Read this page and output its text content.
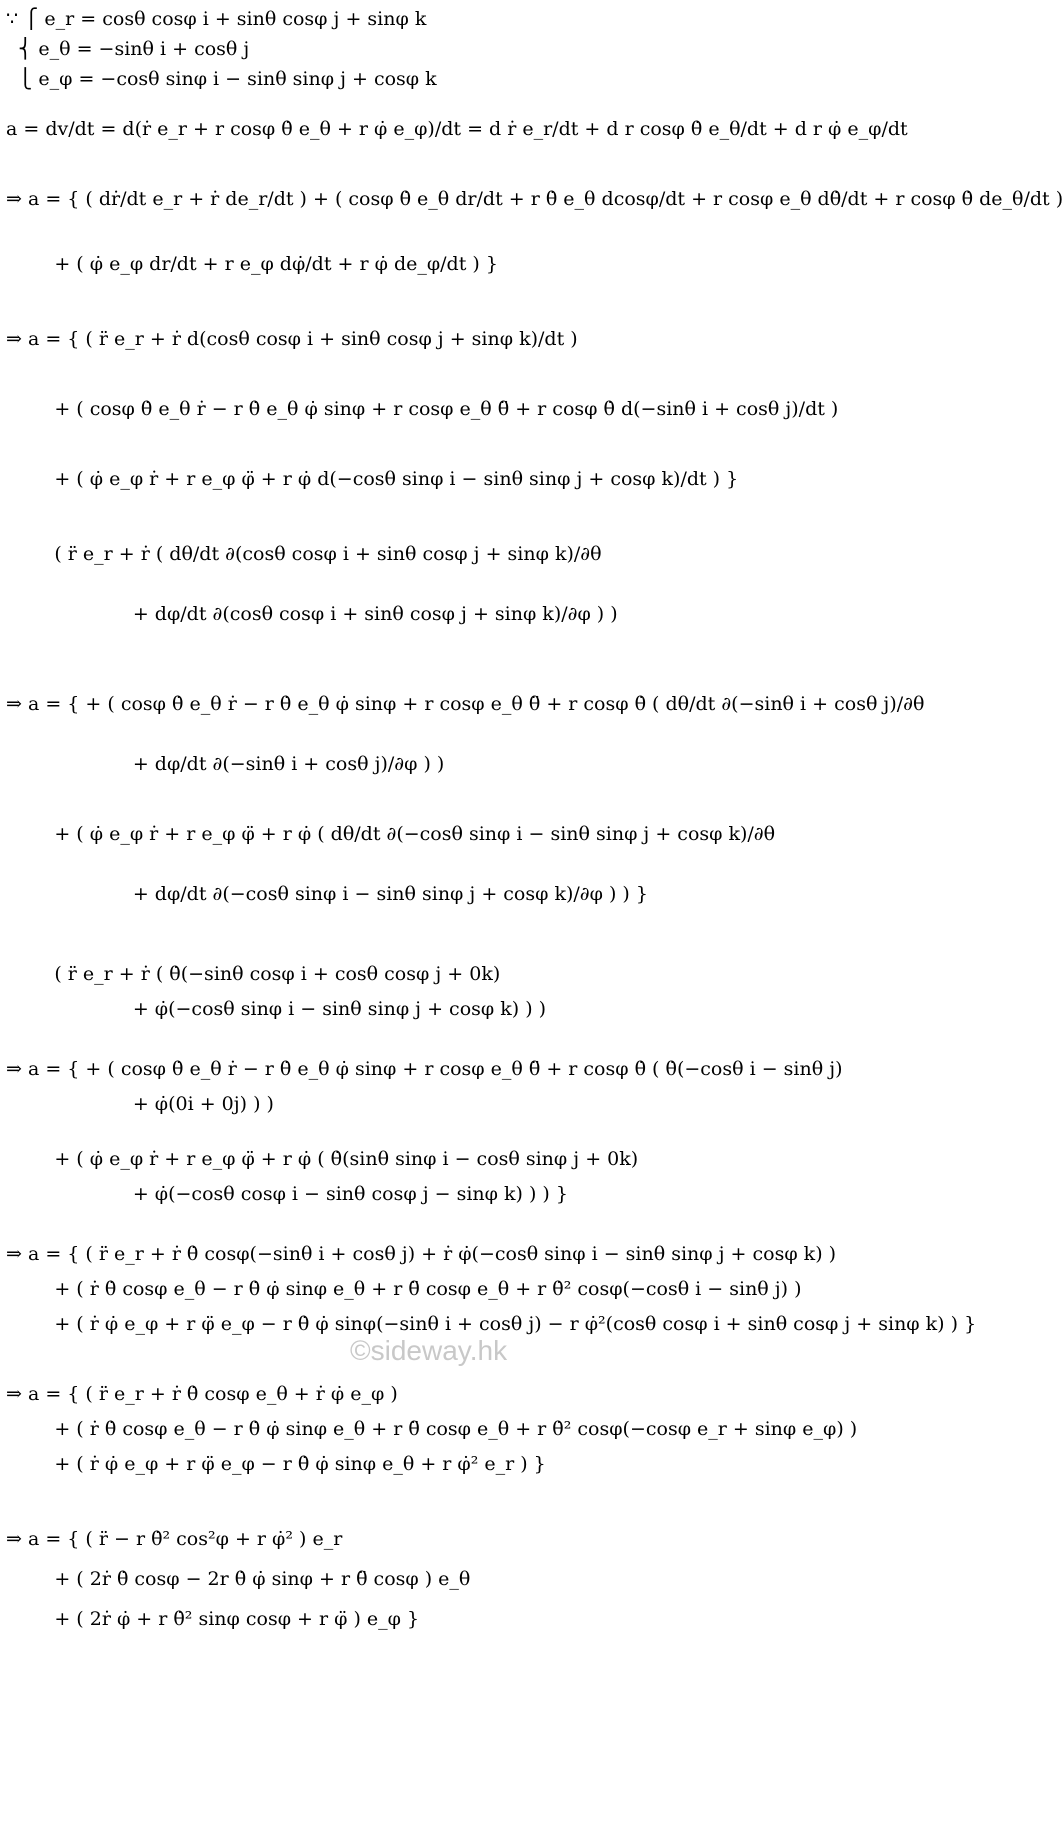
∵ ⎧ e_r = cosθ cosφ i + sinθ cosφ j + sinφ k
⎨ e_θ = −sinθ i + cosθ j
⎩ e_φ = −cosθ sinφ i − sinθ sinφ j + cosφ k
a = dv/dt = d(ṙ e_r + r cosφ θ̇ e_θ + r φ̇ e_φ)/dt = d ṙ e_r/dt + d r cosφ θ̇ e_θ/dt + d r φ̇ e_φ/dt
⇒ a = { ( dṙ/dt e_r + ṙ de_r/dt ) + ( cosφ θ̇ e_θ dr/dt + r θ̇ e_θ dcosφ/dt + r cosφ e_θ dθ̇/dt + r cosφ θ̇ de_θ/dt )
+ ( φ̇ e_φ dr/dt + r e_φ dφ̇/dt + r φ̇ de_φ/dt ) }
⇒ a = { ( r̈ e_r + ṙ d(cosθ cosφ i + sinθ cosφ j + sinφ k)/dt )
+ ( cosφ θ̇ e_θ ṙ − r θ̇ e_θ φ̇ sinφ + r cosφ e_θ θ̈ + r cosφ θ̇ d(−sinθ i + cosθ j)/dt )
+ ( φ̇ e_φ ṙ + r e_φ φ̈ + r φ̇ d(−cosθ sinφ i − sinθ sinφ j + cosφ k)/dt ) }
( r̈ e_r + ṙ ( dθ/dt ∂(cosθ cosφ i + sinθ cosφ j + sinφ k)/∂θ
+ dφ/dt ∂(cosθ cosφ i + sinθ cosφ j + sinφ k)/∂φ ) )
⇒ a = { + ( cosφ θ̇ e_θ ṙ − r θ̇ e_θ φ̇ sinφ + r cosφ e_θ θ̈ + r cosφ θ̇ ( dθ/dt ∂(−sinθ i + cosθ j)/∂θ
+ dφ/dt ∂(−sinθ i + cosθ j)/∂φ ) )
+ ( φ̇ e_φ ṙ + r e_φ φ̈ + r φ̇ ( dθ/dt ∂(−cosθ sinφ i − sinθ sinφ j + cosφ k)/∂θ
+ dφ/dt ∂(−cosθ sinφ i − sinθ sinφ j + cosφ k)/∂φ ) ) }
( r̈ e_r + ṙ ( θ̇(−sinθ cosφ i + cosθ cosφ j + 0k)
+ φ̇(−cosθ sinφ i − sinθ sinφ j + cosφ k) ) )
⇒ a = { + ( cosφ θ̇ e_θ ṙ − r θ̇ e_θ φ̇ sinφ + r cosφ e_θ θ̈ + r cosφ θ̇ ( θ̇(−cosθ i − sinθ j)
+ φ̇(0i + 0j) ) )
+ ( φ̇ e_φ ṙ + r e_φ φ̈ + r φ̇ ( θ̇(sinθ sinφ i − cosθ sinφ j + 0k)
+ φ̇(−cosθ cosφ i − sinθ cosφ j − sinφ k) ) ) }
⇒ a = { ( r̈ e_r + ṙ θ̇ cosφ(−sinθ i + cosθ j) + ṙ φ̇(−cosθ sinφ i − sinθ sinφ j + cosφ k) )
+ ( ṙ θ̇ cosφ e_θ − r θ̇ φ̇ sinφ e_θ + r θ̈ cosφ e_θ + r θ̇² cosφ(−cosθ i − sinθ j) )
+ ( ṙ φ̇ e_φ + r φ̈ e_φ − r θ̇ φ̇ sinφ(−sinθ i + cosθ j) − r φ̇²(cosθ cosφ i + sinθ cosφ j + sinφ k) ) }
⇒ a = { ( r̈ e_r + ṙ θ̇ cosφ e_θ + ṙ φ̇ e_φ )
+ ( ṙ θ̇ cosφ e_θ − r θ̇ φ̇ sinφ e_θ + r θ̈ cosφ e_θ + r θ̇² cosφ(−cosφ e_r + sinφ e_φ) )
+ ( ṙ φ̇ e_φ + r φ̈ e_φ − r θ̇ φ̇ sinφ e_θ + r φ̇² e_r ) }
⇒ a = { ( r̈ − r θ̇² cos²φ + r φ̇² ) e_r
+ ( 2ṙ θ̇ cosφ − 2r θ̇ φ̇ sinφ + r θ̈ cosφ ) e_θ
+ ( 2ṙ φ̇ + r θ̇² sinφ cosφ + r φ̈ ) e_φ }
©sideway.hk
